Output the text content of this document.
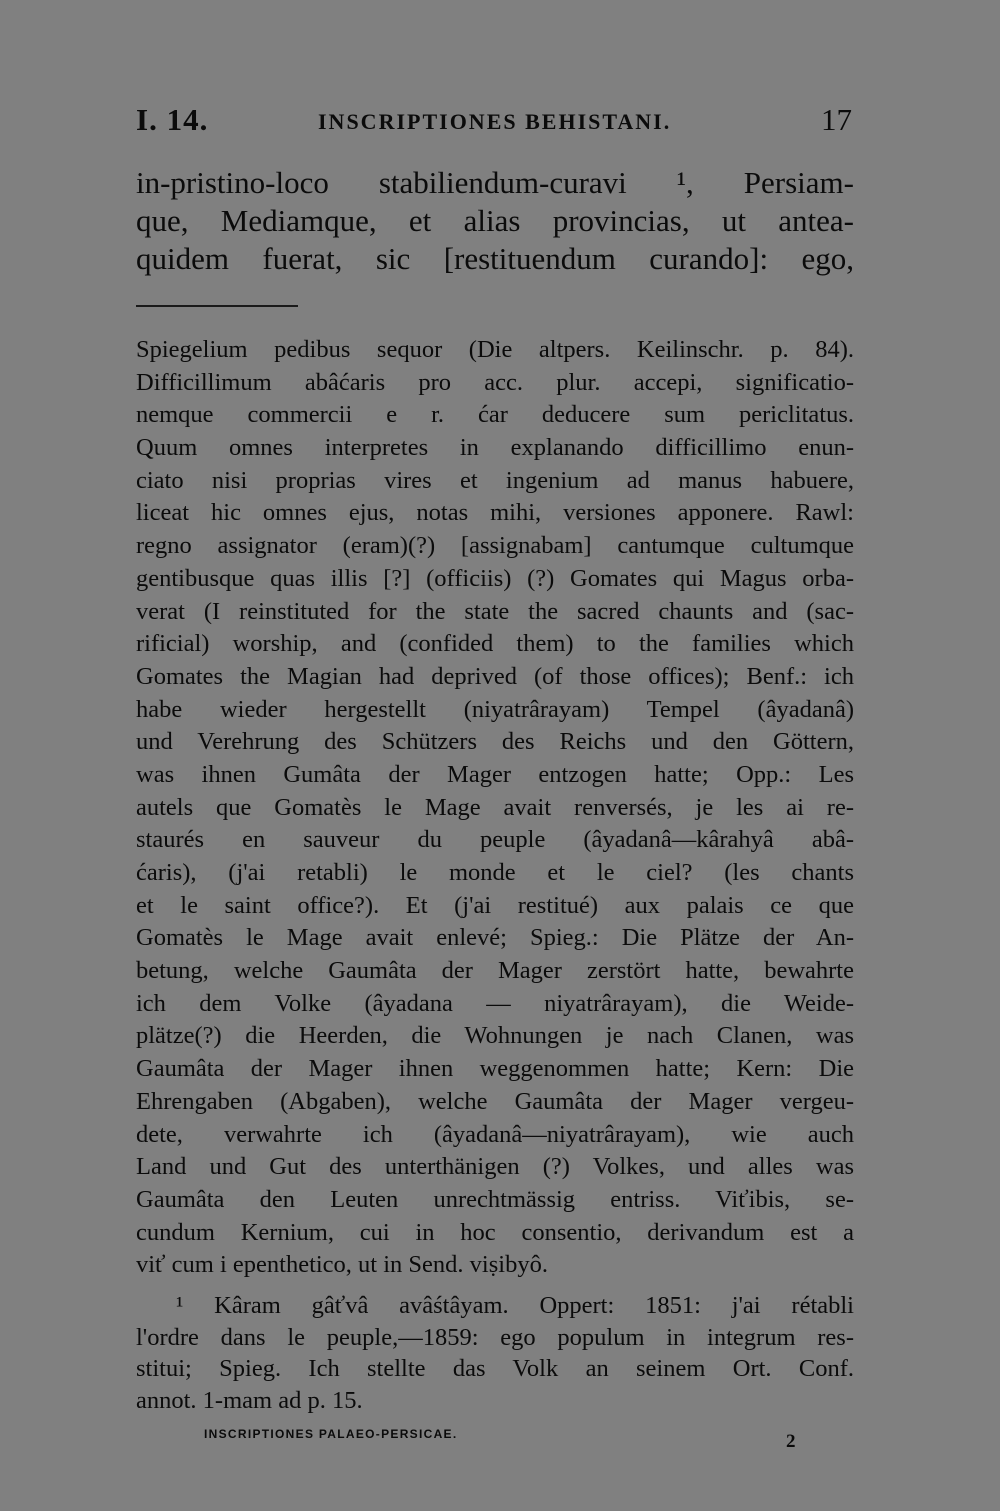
I. 14.	INSCRIPTIONES BEHISTANI.	17
in-pristino-loco stabiliendum-curavi ¹, Persiam-
que, Mediamque, et alias provincias, ut antea-
quidem fuerat, sic [restituendum curando]: ego,
Spiegelium pedibus sequor (Die altpers. Keilinschr. p. 84).
Difficillimum abâćaris pro acc. plur. accepi, significatio-
nemque commercii e r. ćar deducere sum periclitatus.
Quum omnes interpretes in explanando difficillimo enun-
ciato nisi proprias vires et ingenium ad manus habuere,
liceat hic omnes ejus, notas mihi, versiones apponere. Rawl:
regno assignator (eram)(?) [assignabam] cantumque cultumque
gentibusque quas illis [?] (officiis) (?) Gomates qui Magus orba-
verat (I reinstituted for the state the sacred chaunts and (sac-
rificial) worship, and (confided them) to the families which
Gomates the Magian had deprived (of those offices); Benf.: ich
habe wieder hergestellt (niyatrârayam) Tempel (âyadanâ)
und Verehrung des Schützers des Reichs und den Göttern,
was ihnen Gumâta der Mager entzogen hatte; Opp.: Les
autels que Gomatès le Mage avait renversés, je les ai re-
staurés en sauveur du peuple (âyadanâ—kârahyâ abâ-
ćaris), (j'ai retabli) le monde et le ciel? (les chants
et le saint office?). Et (j'ai restitué) aux palais ce que
Gomatès le Mage avait enlevé; Spieg.: Die Plätze der An-
betung, welche Gaumâta der Mager zerstört hatte, bewahrte
ich dem Volke (âyadana — niyatrârayam), die Weide-
plätze(?) die Heerden, die Wohnungen je nach Clanen, was
Gaumâta der Mager ihnen weggenommen hatte; Kern: Die
Ehrengaben (Abgaben), welche Gaumâta der Mager vergeu-
dete, verwahrte ich (âyadanâ—niyatrârayam), wie auch
Land und Gut des unterthänigen (?) Volkes, und alles was
Gaumâta den Leuten unrechtmässig entriss. Viťibis, se-
cundum Kernium, cui in hoc consentio, derivandum est a
viť cum i epenthetico, ut in Send. viṣibyô.
¹ Kâram gâťvâ avâśtâyam. Oppert: 1851: j'ai rétabli
l'ordre dans le peuple,—1859: ego populum in integrum res-
stitui; Spieg. Ich stellte das Volk an seinem Ort. Conf.
annot. 1-mam ad p. 15.
INSCRIPTIONES PALAEO-PERSICAE.	2
